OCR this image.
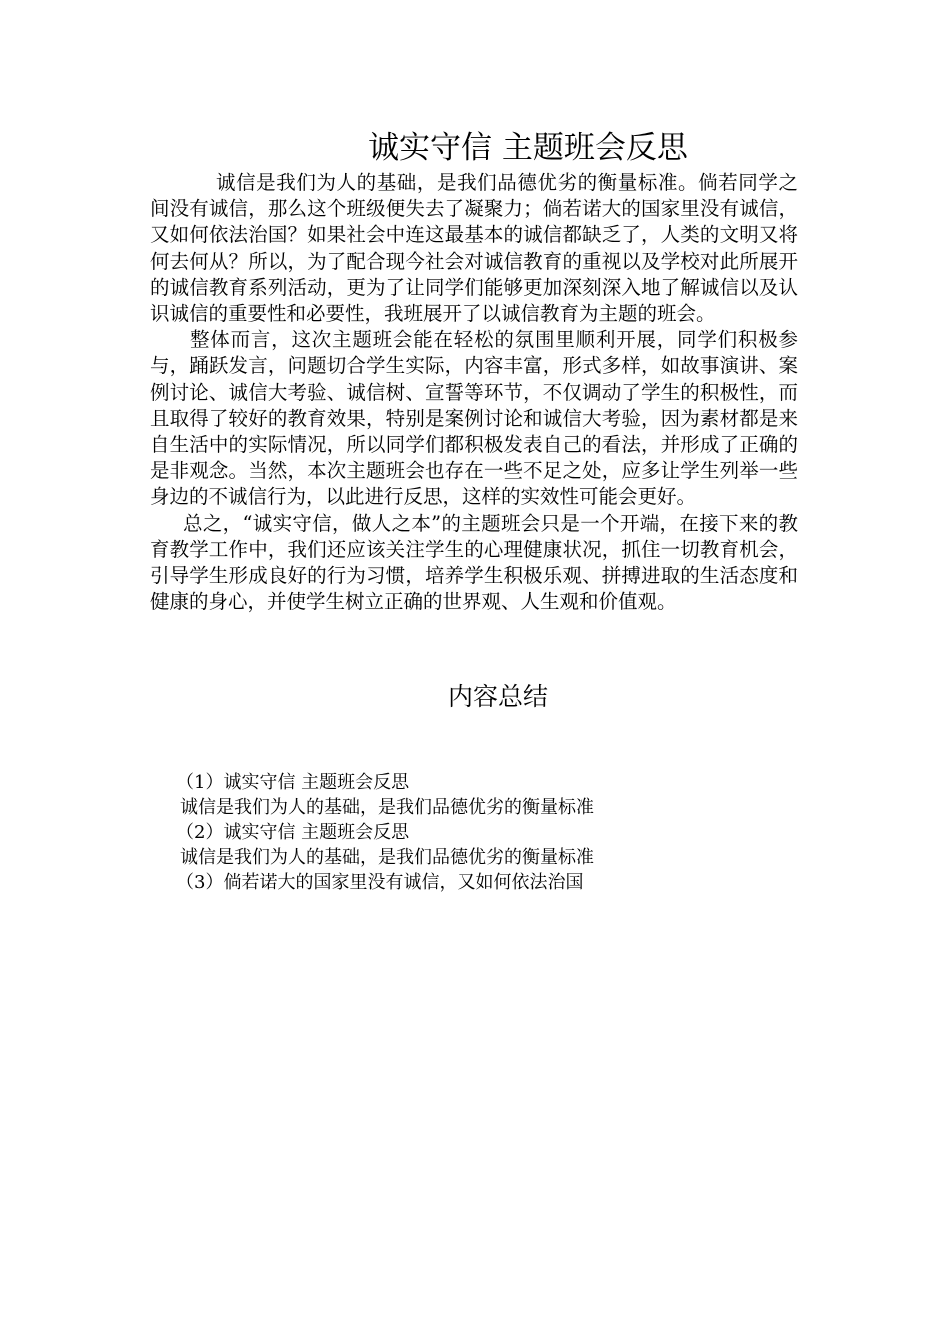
诚实守信 主题班会反思

诚信是我们为人的基础，是我们品德优劣的衡量标准。倘若同学之间没有诚信，那么这个班级便失去了凝聚力；倘若诺大的国家里没有诚信，又如何依法治国？如果社会中连这最基本的诚信都缺乏了，人类的文明又将何去何从？所以，为了配合现今社会对诚信教育的重视以及学校对此所展开的诚信教育系列活动，更为了让同学们能够更加深刻深入地了解诚信以及认识诚信的重要性和必要性，我班展开了以诚信教育为主题的班会。

整体而言，这次主题班会能在轻松的氛围里顺利开展，同学们积极参与，踊跃发言，问题切合学生实际，内容丰富，形式多样，如故事演讲、案例讨论、诚信大考验、诚信树、宣誓等环节，不仅调动了学生的积极性，而且取得了较好的教育效果，特别是案例讨论和诚信大考验，因为素材都是来自生活中的实际情况，所以同学们都积极发表自己的看法，并形成了正确的是非观念。当然，本次主题班会也存在一些不足之处，应多让学生列举一些身边的不诚信行为，以此进行反思，这样的实效性可能会更好。

总之，“诚实守信，做人之本”的主题班会只是一个开端，在接下来的教育教学工作中，我们还应该关注学生的心理健康状况，抓住一切教育机会，引导学生形成良好的行为习惯，培养学生积极乐观、拼搏进取的生活态度和健康的身心，并使学生树立正确的世界观、人生观和价值观。

内容总结
（1）诚实守信 主题班会反思
诚信是我们为人的基础，是我们品德优劣的衡量标准
（2）诚实守信 主题班会反思
诚信是我们为人的基础，是我们品德优劣的衡量标准
（3）倘若诺大的国家里没有诚信，又如何依法治国
